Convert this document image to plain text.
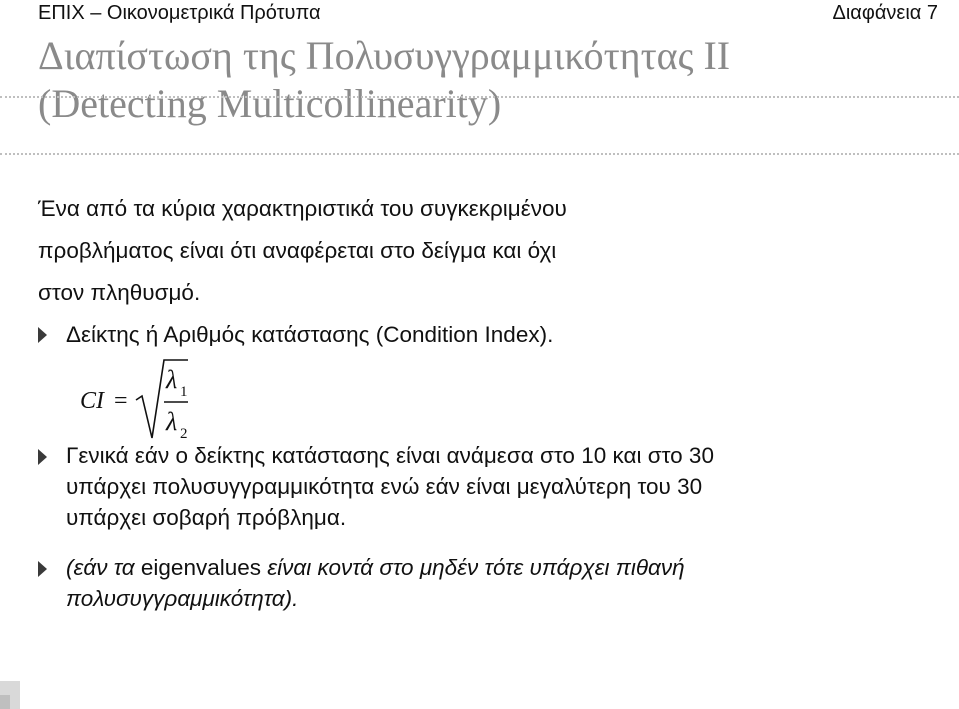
ΕΠΙΧ – Οικονομετρικά Πρότυπα	Διαφάνεια 7
Διαπίστωση της Πολυσυγγραμμικότητας ΙΙ
(Detecting Multicollinearity)

Ένα από τα κύρια χαρακτηριστικά του συγκεκριμένου

προβλήματος είναι ότι αναφέρεται στο δείγμα και όχι

στον πληθυσμό.

Δείκτης ή Αριθμός κατάστασης (Condition Index).
CI =
λ 1
λ 2
Γενικά εάν ο δείκτης κατάστασης είναι ανάμεσα στο 10 και στο 30
υπάρχει πολυσυγγραμμικότητα ενώ εάν είναι μεγαλύτερη του 30
υπάρχει σοβαρή πρόβλημα.
(εάν τα eigenvalues είναι κοντά στο μηδέν τότε υπάρχει πιθανή
πολυσυγγραμμικότητα).
